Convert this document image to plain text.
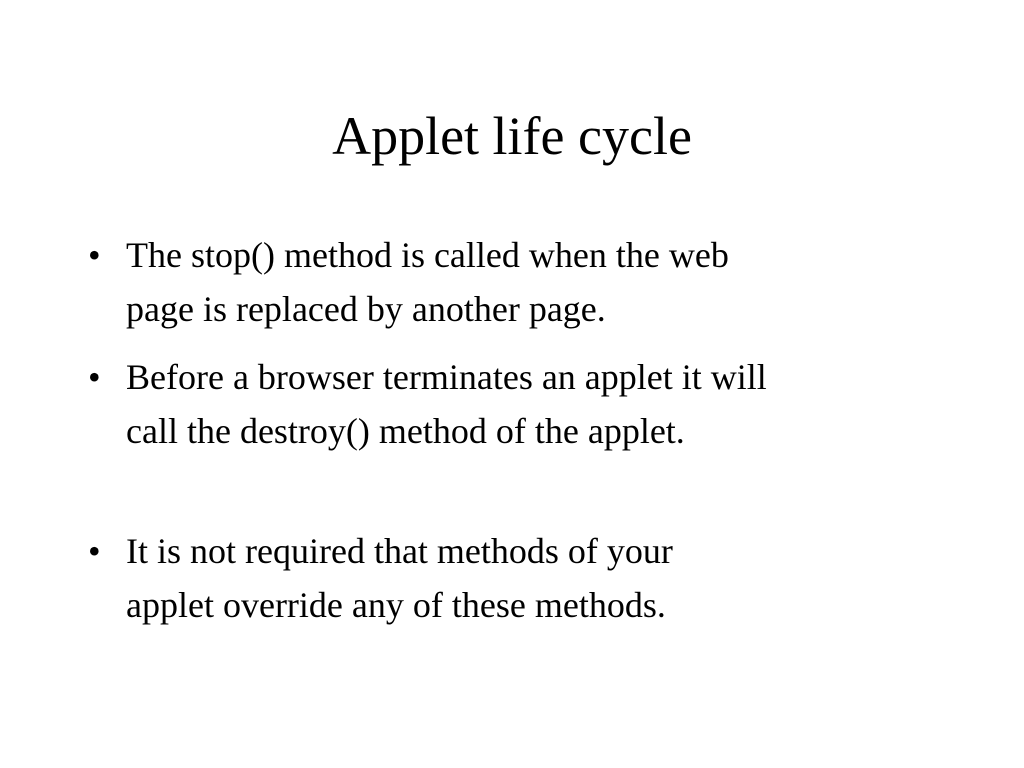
Applet life cycle
• The stop() method is called when the web
page is replaced by another page.
• Before a browser terminates an applet it will
call the destroy() method of the applet.
• It is not required that methods of your
applet override any of these methods.
